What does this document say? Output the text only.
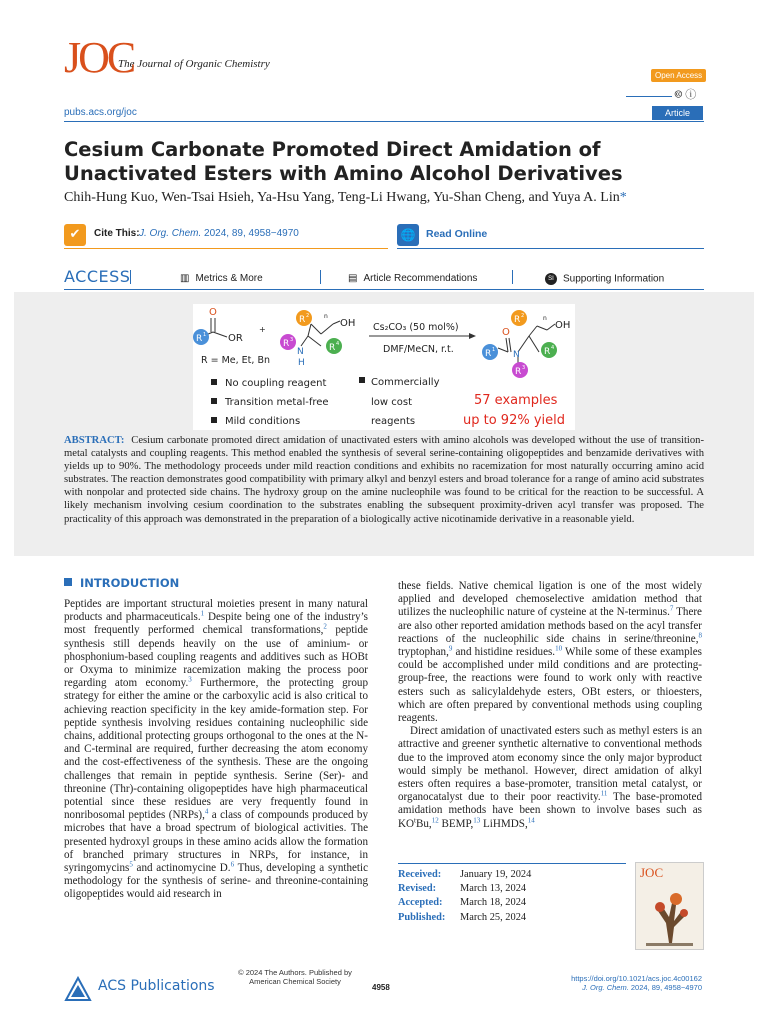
JOC
The Journal of Organic Chemistry
Open Access
🅭 ⓘ
pubs.acs.org/joc	Article
Cesium Carbonate Promoted Direct Amidation of Unactivated Esters with Amino Alcohol Derivatives
Chih-Hung Kuo, Wen-Tsai Hsieh, Ya-Hsu Yang, Teng-Li Hwang, Yu-Shan Cheng, and Yuya A. Lin*
✔	Cite This: J. Org. Chem. 2024, 89, 4958−4970	🌐	Read Online
ACCESS	▥ Metrics & More	▤ Article Recommendations	SI Supporting Information
O
R 1 OR
+
R 2
R 3
R 4
N
H
n
OH
R = Me, Et, Bn
Cs₂CO₃ (50 mol%)
DMF/MeCN, r.t.
O
R 1
R 2
R 3
R 4
N
n
OH
No coupling reagent
Transition metal-free
Mild conditions
Commercially
low cost
reagents
57 examples
up to 92% yield
ABSTRACT: Cesium carbonate promoted direct amidation of unactivated esters with amino alcohols was developed without the use of transition-metal catalysts and coupling reagents. This method enabled the synthesis of several serine-containing oligopeptides and benzamide derivatives with yields up to 90%. The methodology proceeds under mild reaction conditions and exhibits no racemization for most naturally occurring amino acid substrates. The reaction demonstrates good compatibility with primary alkyl and benzyl esters and broad tolerance for a range of amino acid substrates with nonpolar and protected side chains. The hydroxy group on the amine nucleophile was found to be critical for the reaction to be successful. A likely mechanism involving cesium coordination to the substrates enabling the subsequent proximity-driven acyl transfer was proposed. The practicality of this approach was demonstrated in the preparation of a biologically active nicotinamide derivative in a reasonable yield.
INTRODUCTION

Peptides are important structural moieties present in many natural products and pharmaceuticals.$^1$ Despite being one of the industry’s most frequently performed chemical transformations,$^2$ peptide synthesis still depends heavily on the use of aminium- or phosphonium-based coupling reagents and additives such as HOBt or Oxyma to minimize racemization making the process poor regarding atom economy.$^3$ Furthermore, the protecting group strategy for either the amine or the carboxylic acid is also critical to achieving reaction specificity in the key amide-formation step. For peptide synthesis involving residues containing nucleophilic side chains, additional protecting groups orthogonal to the ones at the N- and C-terminal are required, further decreasing the atom economy and the cost-effectiveness of the synthesis. These are the ongoing challenges that remain in peptide synthesis. Serine (Ser)- and threonine (Thr)-containing oligopeptides have high pharmaceutical potential since these residues are very frequently found in nonribosomal peptides (NRPs),$^4$ a class of compounds produced by microbes that have a broad spectrum of biological activities. The presented hydroxyl groups in these amino acids allow the formation of branched primary structures in NRPs, for instance, in syringomycins$^5$ and actinomycine D.$^6$ Thus, developing a synthetic methodology for the synthesis of serine- and threonine-containing oligopeptides would aid research in

these fields. Native chemical ligation is one of the most widely applied and developed chemoselective amidation method that utilizes the nucleophilic nature of cysteine at the N-terminus.$^7$ There are also other reported amidation methods based on the acyl transfer reactions of the nucleophilic side chains in serine/threonine,$^8$ tryptophan,$^9$ and histidine residues.$^{10}$ While some of these examples could be accomplished under mild conditions and are protecting-group-free, the reactions were found to work only with reactive esters such as salicylaldehyde esters, OBt esters, or thioesters, which are often prepared by conventional methods using coupling reagents.

Direct amidation of unactivated esters such as methyl esters is an attractive and greener synthetic alternative to conventional methods due to the improved atom economy since the only major byproduct would simply be methanol. However, direct amidation of alkyl esters often requires a base-promoter, transition metal catalyst, or organocatalyst due to their poor reactivity.$^{11}$ The base-promoted amidation methods have been shown to involve bases such as $KO^tBu,^{12}$ BEMP,$^{13}$ LiHMDS,$^{14}$

Received:	January 19, 2024
Revised:	March 13, 2024
Accepted:	March 18, 2024
Published:	March 25, 2024
JOC
ACS Publications
© 2024 The Authors. Published by
American Chemical Society
4958
https://doi.org/10.1021/acs.joc.4c00162
J. Org. Chem. 2024, 89, 4958−4970
